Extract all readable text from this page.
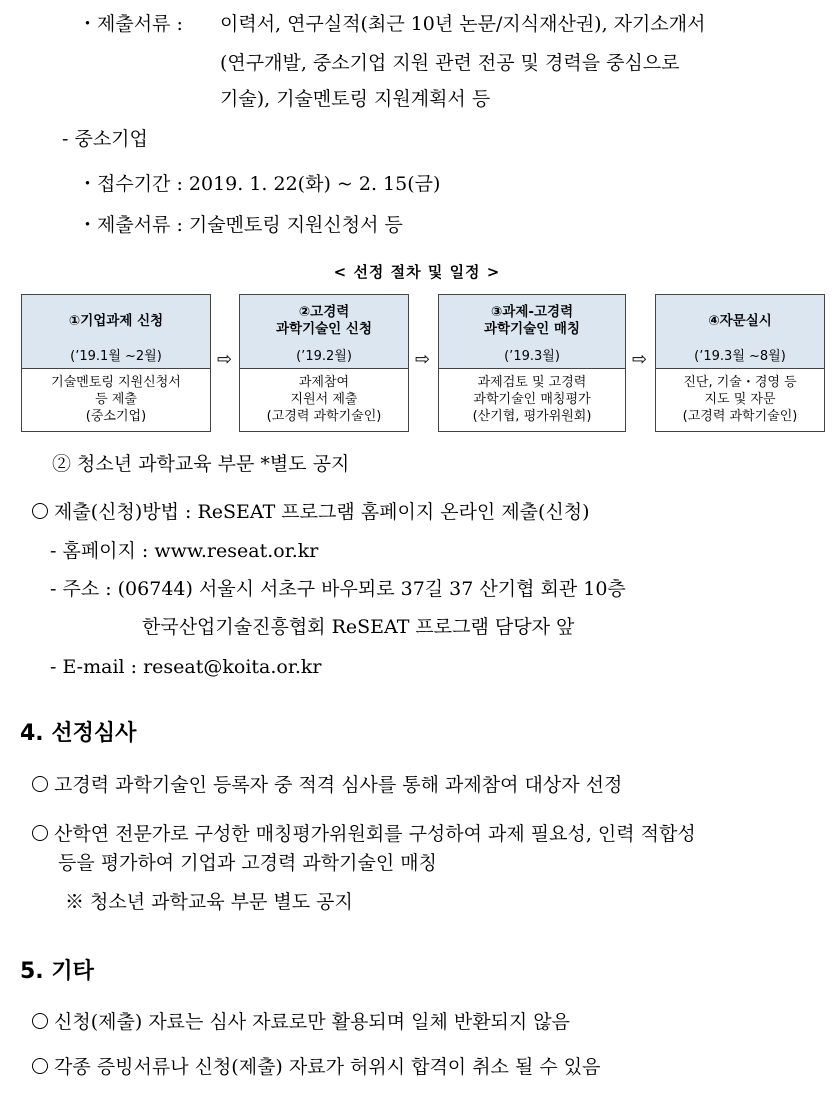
・제출서류 : 이력서, 연구실적(최근 10년 논문/지식재산권), 자기소개서
(연구개발, 중소기업 지원 관련 전공 및 경력을 중심으로
기술), 기술멘토링 지원계획서 등
- 중소기업
・접수기간 : 2019. 1. 22(화) ~ 2. 15(금)
・제출서류 : 기술멘토링 지원신청서 등
< 선정 절차 및 일정 >
①기업과제 신청
(’19.1월 ~2월)
기술멘토링 지원신청서
등 제출
(중소기업)
⇨
②고경력
과학기술인 신청
(’19.2월)
과제참여
지원서 제출
(고경력 과학기술인)
⇨
③과제-고경력
과학기술인 매칭
(’19.3월)
과제검토 및 고경력
과학기술인 매칭평가
(산기협, 평가위원회)
⇨
④자문실시
(’19.3월 ~8월)
진단, 기술・경영 등
지도 및 자문
(고경력 과학기술인)
② 청소년 과학교육 부문 *별도 공지
제출(신청)방법 : ReSEAT 프로그램 홈페이지 온라인 제출(신청)
- 홈페이지 : www.reseat.or.kr
- 주소 : (06744) 서울시 서초구 바우뫼로 37길 37 산기협 회관 10층
한국산업기술진흥협회 ReSEAT 프로그램 담당자 앞
- E-mail : reseat@koita.or.kr
4. 선정심사
고경력 과학기술인 등록자 중 적격 심사를 통해 과제참여 대상자 선정
산학연 전문가로 구성한 매칭평가위원회를 구성하여 과제 필요성, 인력 적합성
등을 평가하여 기업과 고경력 과학기술인 매칭
※ 청소년 과학교육 부문 별도 공지
5. 기타
신청(제출) 자료는 심사 자료로만 활용되며 일체 반환되지 않음
각종 증빙서류나 신청(제출) 자료가 허위시 합격이 취소 될 수 있음
